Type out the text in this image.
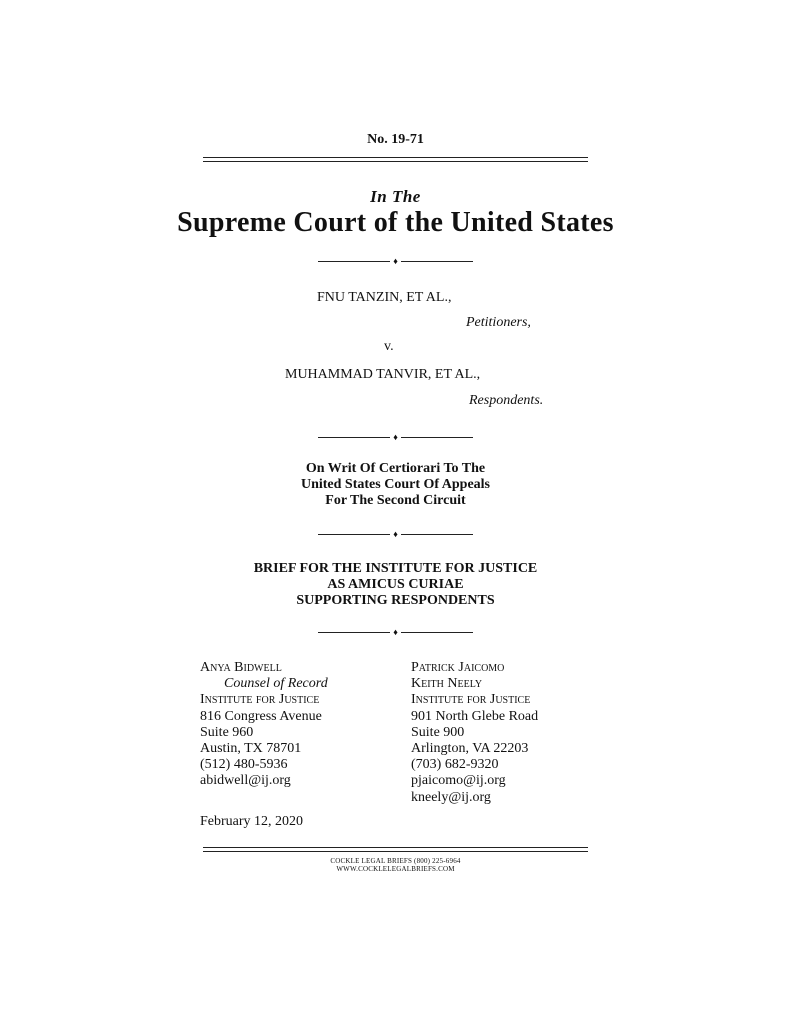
No. 19-71
In The
Supreme Court of the United States
♦
FNU TANZIN, ET AL.,
Petitioners,
v.
MUHAMMAD TANVIR, ET AL.,
Respondents.
♦
On Writ Of Certiorari To The
United States Court Of Appeals
For The Second Circuit
♦
BRIEF FOR THE INSTITUTE FOR JUSTICE
AS AMICUS CURIAE
SUPPORTING RESPONDENTS
♦
Anya Bidwell
Counsel of Record
Institute for Justice
816 Congress Avenue
Suite 960
Austin, TX 78701
(512) 480-5936
abidwell@ij.org
Patrick Jaicomo
Keith Neely
Institute for Justice
901 North Glebe Road
Suite 900
Arlington, VA 22203
(703) 682-9320
pjaicomo@ij.org
kneely@ij.org
February 12, 2020
COCKLE LEGAL BRIEFS (800) 225-6964
WWW.COCKLELEGALBRIEFS.COM
